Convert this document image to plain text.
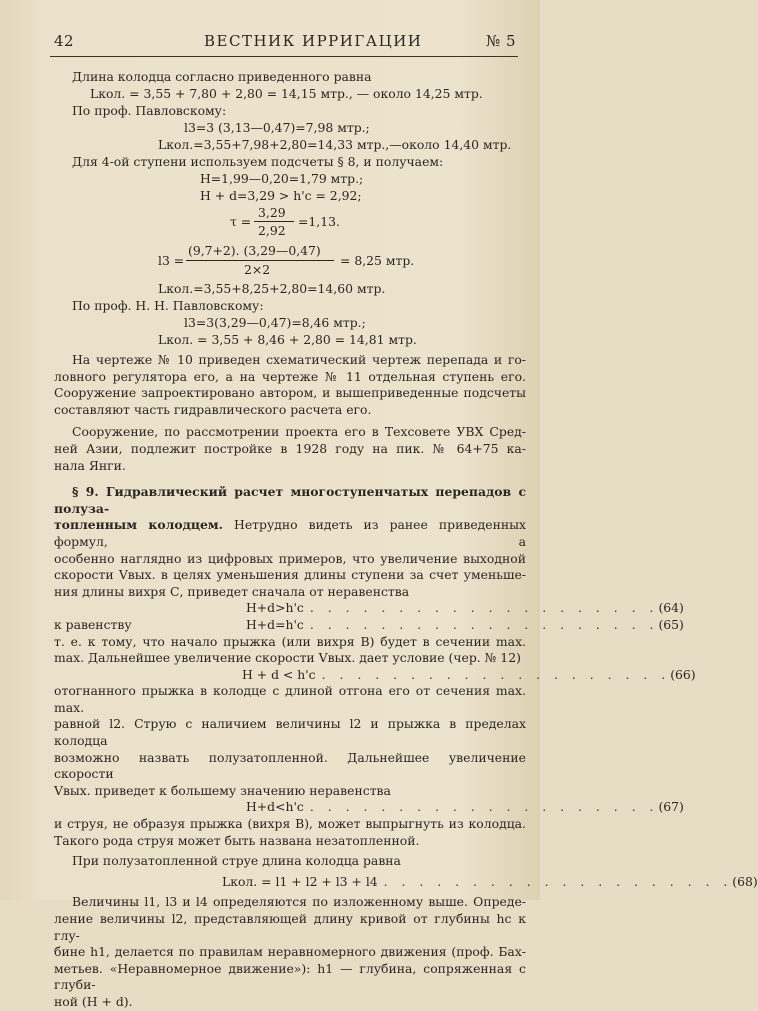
42	ВЕСТНИК ИРРИГАЦИИ	№ 5
Длина колодца согласно приведенного равна
Lкол. = 3,55 + 7,80 + 2,80 = 14,15 мтр., — около 14,25 мтр.
По проф. Павловскому:
l3=3 (3,13—0,47)=7,98 мтр.;
Lкол.=3,55+7,98+2,80=14,33 мтр.,—около 14,40 мтр.
Для 4-ой ступени используем подсчеты § 8, и получаем:
H=1,99—0,20=1,79 мтр.;
H + d=3,29 > h'c = 2,92;
τ =
3,29
2,92
=1,13.
l3 =
(9,7+2). (3,29—0,47)
2×2
= 8,25 мтр.
Lкол.=3,55+8,25+2,80=14,60 мтр.
По проф. Н. Н. Павловскому:
l3=3(3,29—0,47)=8,46 мтр.;
Lкол. = 3,55 + 8,46 + 2,80 = 14,81 мтр.
На чертеже № 10 приведен схематический чертеж перепада и го-
ловного регулятора его, а на чертеже № 11 отдельная ступень его.
Сооружение запроектировано автором, и вышеприведенные подсчеты
составляют часть гидравлического расчета его.
Сооружение, по рассмотрении проекта его в Техсовете УВХ Сред-
ней Азии, подлежит постройке в 1928 году на пик. № 64+75 ка-
нала Янги.
§ 9. Гидравлический расчет многоступенчатых перепадов с полуза-
топленным колодцем. Нетрудно видеть из ранее приведенных формул, а
особенно наглядно из цифровых примеров, что увеличение выходной
скорости Vвых. в целях уменьшения длины ступени за счет уменьше-
ния длины вихря С, приведет сначала от неравенства
H+d>h'c . . . . . . . . . . . . . . . . . . . . (64)
к равенству	H+d=h'c . . . . . . . . . . . . . . . . . . . . (65)
т. е. к тому, что начало прыжка (или вихря В) будет в сечении max.
max. Дальнейшее увеличение скорости Vвых. дает условие (чер. № 12)
H + d < h'c . . . . . . . . . . . . . . . . . . . . (66)
отогнанного прыжка в колодце с длиной отгона его от сечения max. max.
равной l2. Струю с наличием величины l2 и прыжка в пределах колодца
возможно назвать полузатопленной. Дальнейшее увеличение скорости
Vвых. приведет к большему значению неравенства
H+d<h'c . . . . . . . . . . . . . . . . . . . . (67)
и струя, не образуя прыжка (вихря В), может выпрыгнуть из колодца.
Такого рода струя может быть названа незатопленной.
При полузатопленной струе длина колодца равна
Lкол. = l1 + l2 + l3 + l4 . . . . . . . . . . . . . . . . . . . . (68)
Величины l1, l3 и l4 определяются по изложенному выше. Опреде-
ление величины l2, представляющей длину кривой от глубины hc к глу-
бине h1, делается по правилам неравномерного движения (проф. Бах-
метьев. «Неравномерное движение»): h1 — глубина, сопряженная с глуби-
ной (H + d).
